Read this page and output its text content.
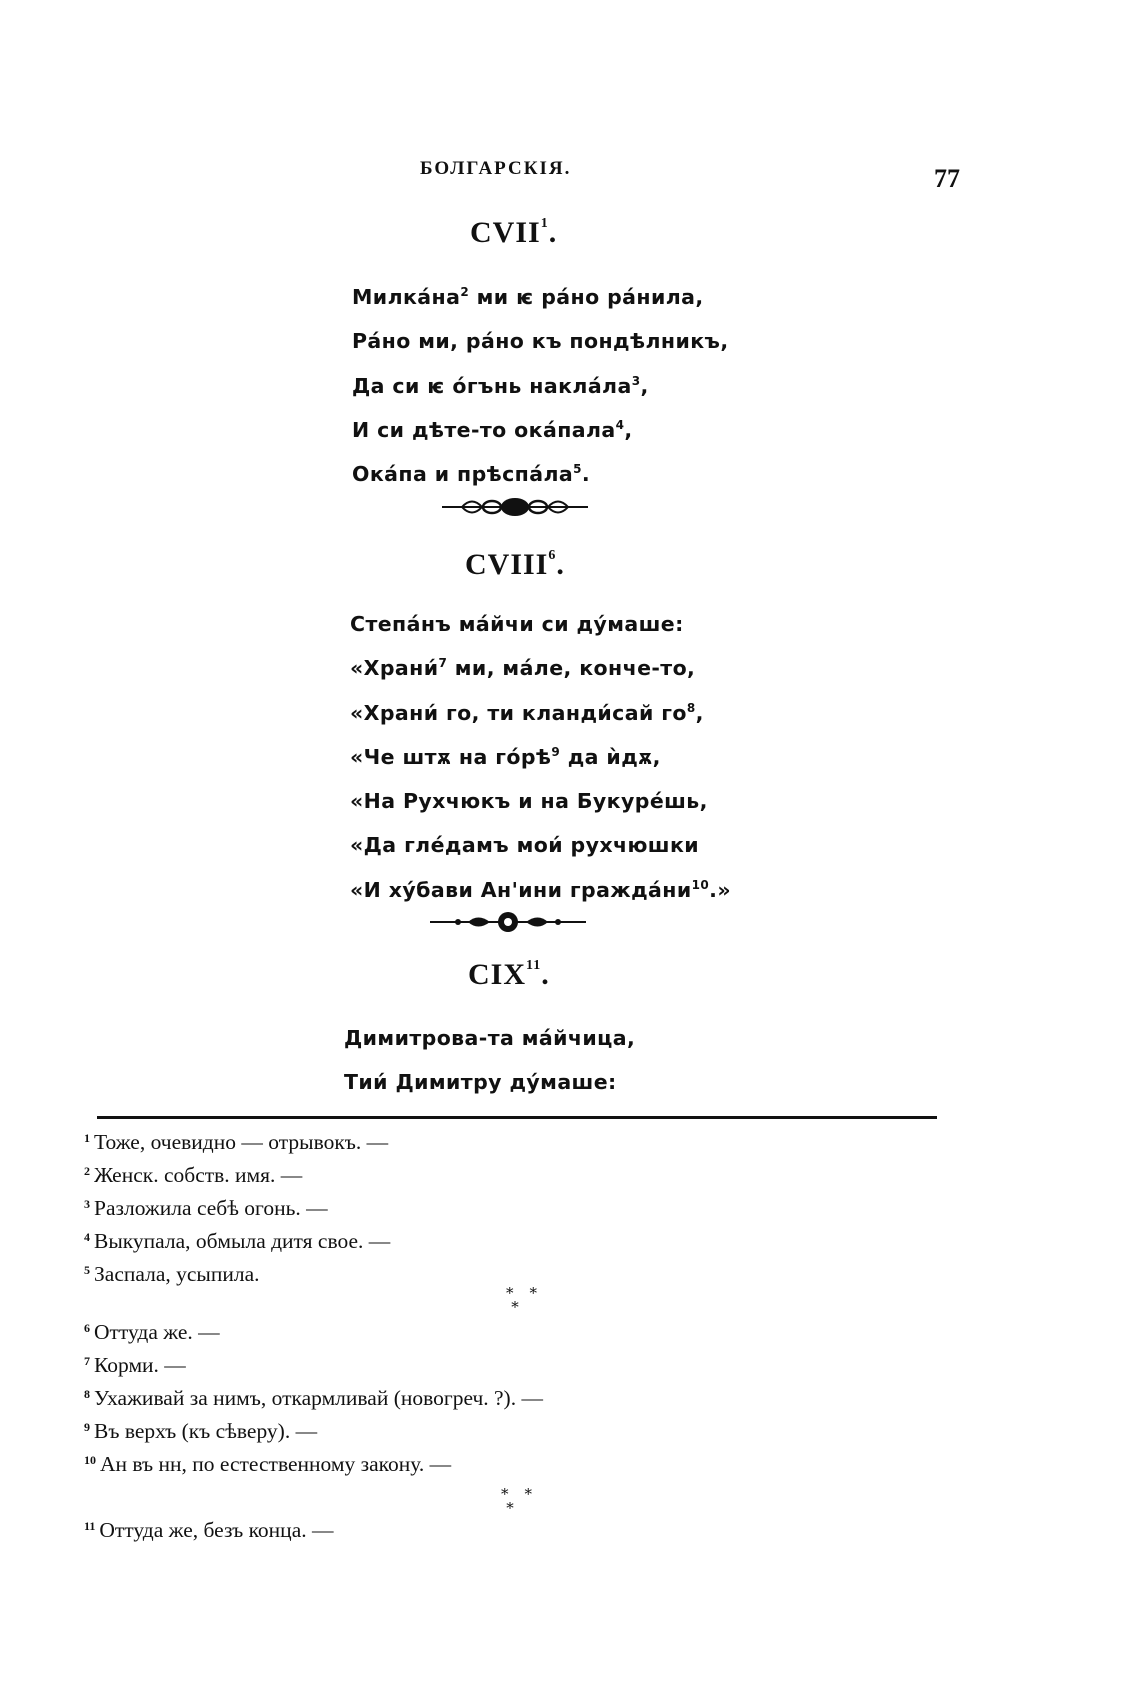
БОЛГАРСКІЯ.	77
CVII$^1$.
Милкáна$^2$ ми ѥ рáно рáнила,
Рáно ми, рáно къ пондѣлникъ,
Да си ѥ óгънь наклáла$^3$,
И си дѣте-то окáпала$^4$,
Окáпа и прѣспáла$^5$.
CVIII$^6$.
Степáнъ мáйчи си дýмаше:
«Храни́$^7$ ми, мáле, конче-то,
«Храни́ го, ти кланди́сай $го^8$,
«Че штѫ на гóрѣ$^9$ да ѝдѫ,
«На Рухчюкъ и на Букурéшь,
«Да глéдамъ мои́ рухчюшки
«И хýбави Ан'ини граждáни$^{10}$.»
CIX$^{11}$.
Димитрова-та мáйчица,
Тии́ Димитру дýмаше:
$^1$ Тоже, очевидно — отрывокъ. —
$^2$ Женск. собств. имя. —
$^3$ Разложила себѣ огонь. —
$^4$ Выкупала, обмыла дитя свое. —
$^5$ Заспала, усыпила.
**
*
$^6$ Оттуда же. —
$^7$ Корми. —
$^8$ Ухаживай за нимъ, откармливай (новогреч. ?). —
$^9$ Въ верхъ (къ сѣверу). —
$^{10}$ Ан въ нн, по естественному закону. —
**
*
$^{11}$ Оттуда же, безъ конца. —
